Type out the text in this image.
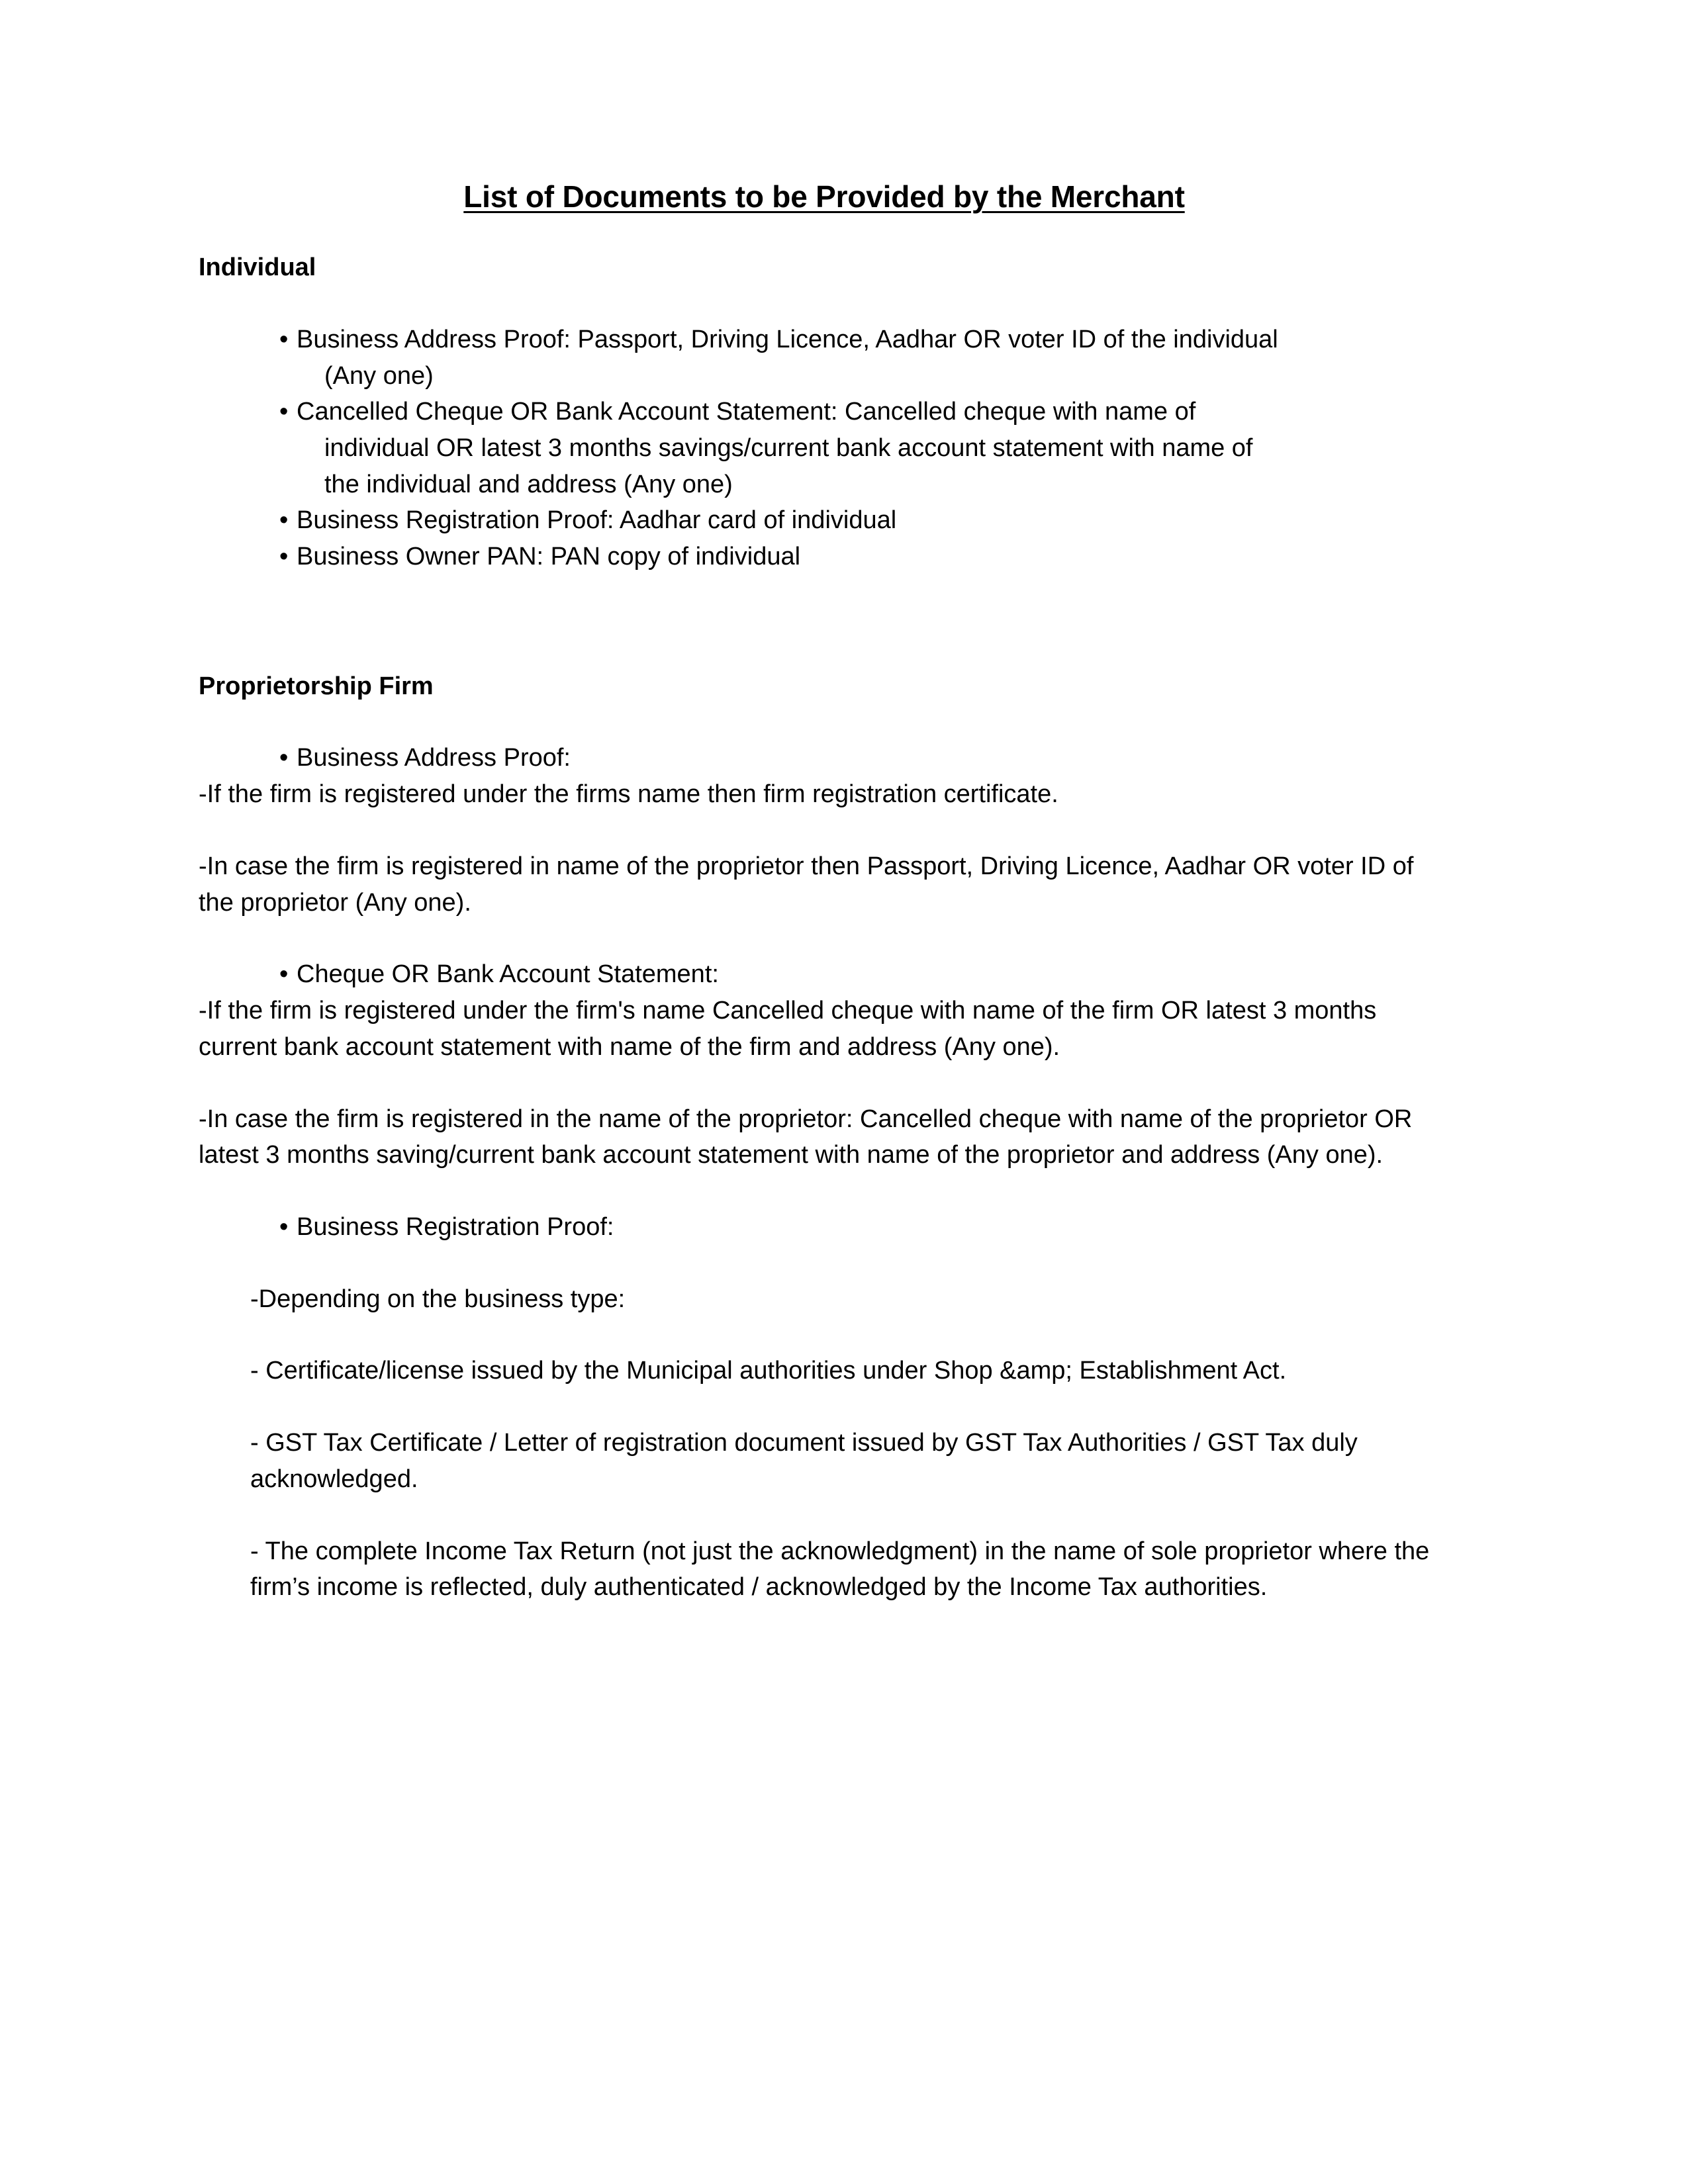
List of Documents to be Provided by the Merchant
Individual
• Business Address Proof: Passport, Driving Licence, Aadhar OR voter ID of the individual
(Any one)
• Cancelled Cheque OR Bank Account Statement: Cancelled cheque with name of
individual OR latest 3 months savings/current bank account statement with name of
the individual and address (Any one)
• Business Registration Proof: Aadhar card of individual
• Business Owner PAN: PAN copy of individual
Proprietorship Firm
• Business Address Proof:

-If the firm is registered under the firms name then firm registration certificate.

-In case the firm is registered in name of the proprietor then Passport, Driving Licence, Aadhar OR voter ID of the proprietor (Any one).

• Cheque OR Bank Account Statement:

-If the firm is registered under the firm's name Cancelled cheque with name of the firm OR latest 3 months current bank account statement with name of the firm and address (Any one).

-In case the firm is registered in the name of the proprietor: Cancelled cheque with name of the proprietor OR latest 3 months saving/current bank account statement with name of the proprietor and address (Any one).

• Business Registration Proof:

-Depending on the business type:

- Certificate/license issued by the Municipal authorities under Shop &amp; Establishment Act.

- GST Tax Certificate / Letter of registration document issued by GST Tax Authorities / GST Tax duly acknowledged.

- The complete Income Tax Return (not just the acknowledgment) in the name of sole proprietor where the firm’s income is reflected, duly authenticated / acknowledged by the Income Tax authorities.
